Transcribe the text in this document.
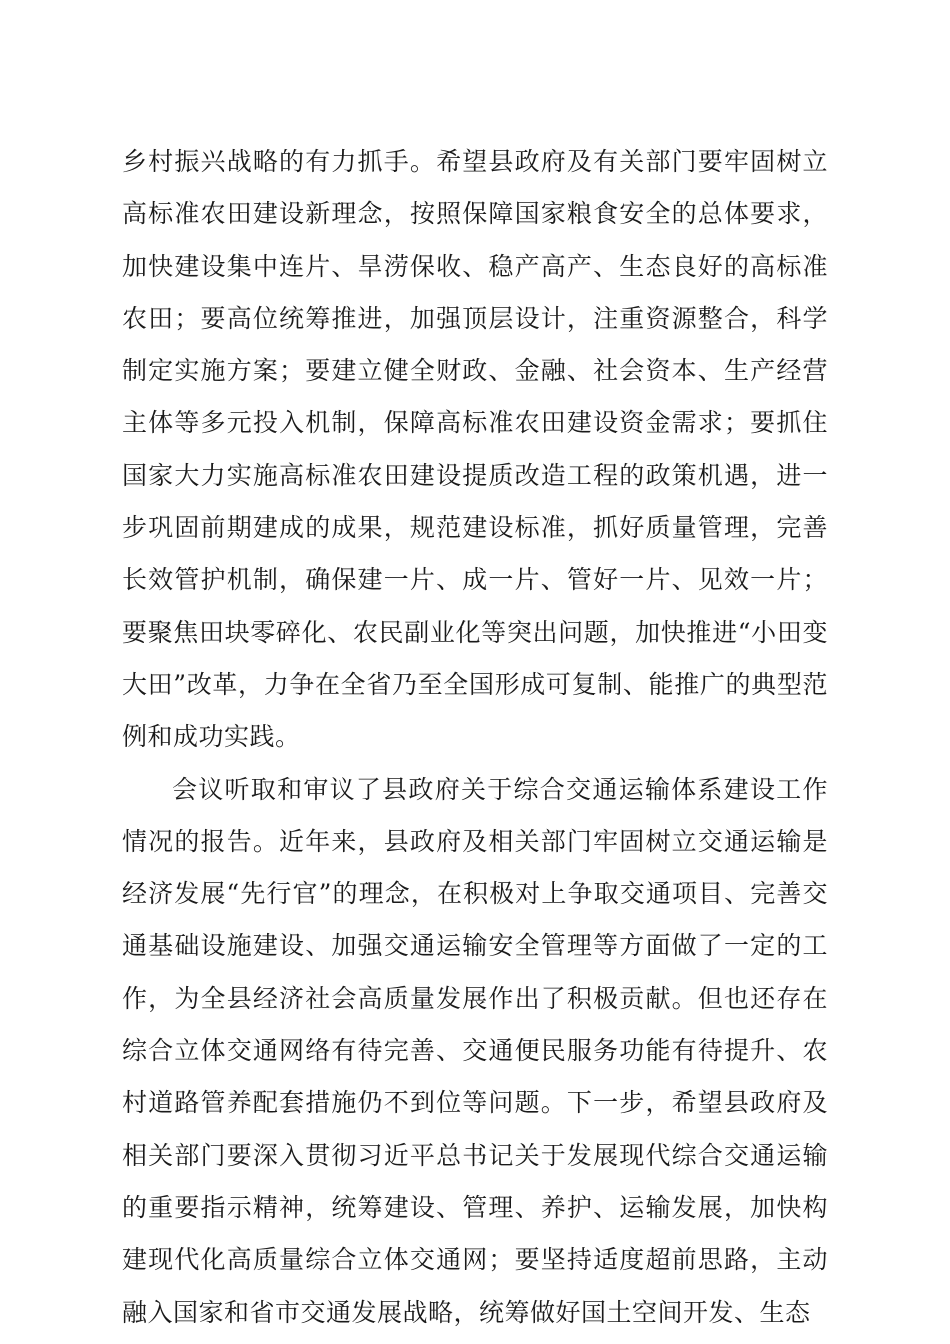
乡村振兴战略的有力抓手。希望县政府及有关部门要牢固树立高标准农田建设新理念，按照保障国家粮食安全的总体要求，加快建设集中连片、旱涝保收、稳产高产、生态良好的高标准农田；要高位统筹推进，加强顶层设计，注重资源整合，科学制定实施方案；要建立健全财政、金融、社会资本、生产经营主体等多元投入机制，保障高标准农田建设资金需求；要抓住国家大力实施高标准农田建设提质改造工程的政策机遇，进一步巩固前期建成的成果，规范建设标准，抓好质量管理，完善长效管护机制，确保建一片、成一片、管好一片、见效一片；要聚焦田块零碎化、农民副业化等突出问题，加快推进“小田变大田”改革，力争在全省乃至全国形成可复制、能推广的典型范例和成功实践。

会议听取和审议了县政府关于综合交通运输体系建设工作情况的报告。近年来，县政府及相关部门牢固树立交通运输是经济发展“先行官”的理念，在积极对上争取交通项目、完善交通基础设施建设、加强交通运输安全管理等方面做了一定的工作，为全县经济社会高质量发展作出了积极贡献。但也还存在综合立体交通网络有待完善、交通便民服务功能有待提升、农村道路管养配套措施仍不到位等问题。下一步，希望县政府及相关部门要深入贯彻习近平总书记关于发展现代综合交通运输的重要指示精神，统筹建设、管理、养护、运输发展，加快构建现代化高质量综合立体交通网；要坚持适度超前思路，主动融入国家和省市交通发展战略，统筹做好国土空间开发、生态
